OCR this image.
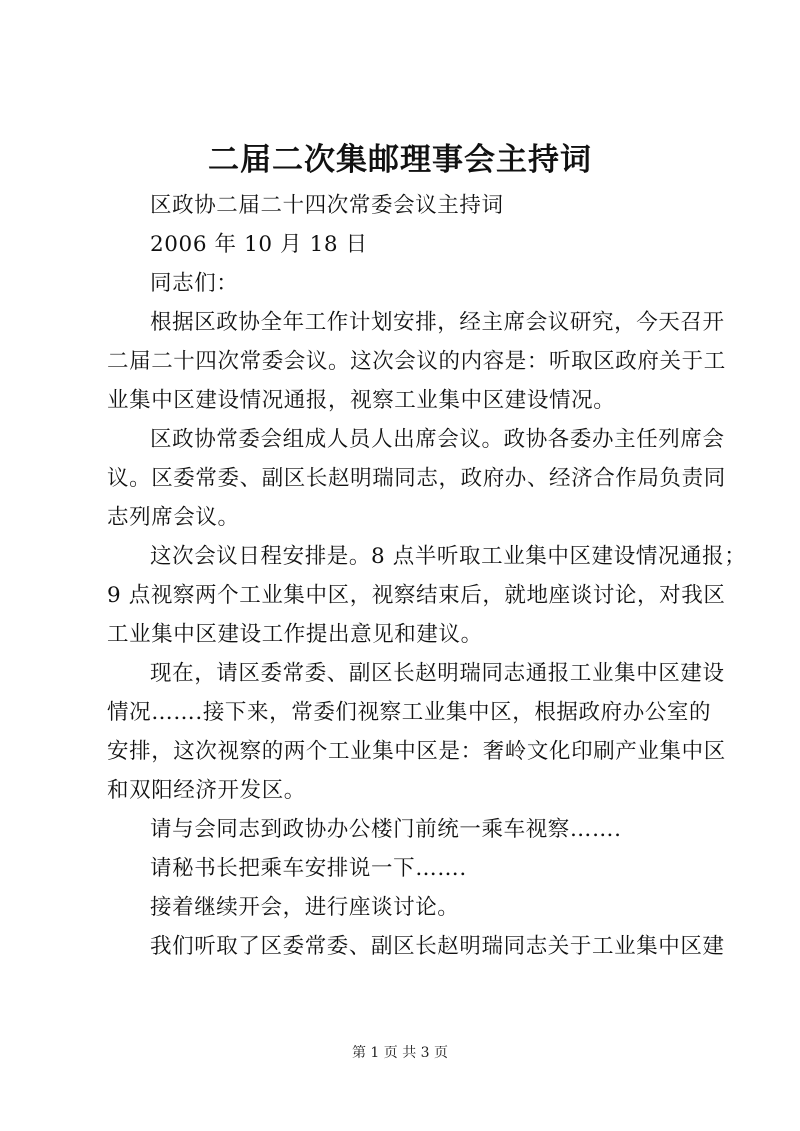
二届二次集邮理事会主持词
区政协二届二十四次常委会议主持词
2006 年 10 月 18 日
同志们：
根据区政协全年工作计划安排，经主席会议研究，今天召开
二届二十四次常委会议。这次会议的内容是：听取区政府关于工
业集中区建设情况通报，视察工业集中区建设情况。
区政协常委会组成人员人出席会议。政协各委办主任列席会
议。区委常委、副区长赵明瑞同志，政府办、经济合作局负责同
志列席会议。
这次会议日程安排是。8 点半听取工业集中区建设情况通报；
9 点视察两个工业集中区，视察结束后，就地座谈讨论，对我区
工业集中区建设工作提出意见和建议。
现在，请区委常委、副区长赵明瑞同志通报工业集中区建设
情况…….接下来，常委们视察工业集中区，根据政府办公室的
安排，这次视察的两个工业集中区是：奢岭文化印刷产业集中区
和双阳经济开发区。
请与会同志到政协办公楼门前统一乘车视察…….
请秘书长把乘车安排说一下…….
接着继续开会，进行座谈讨论。
我们听取了区委常委、副区长赵明瑞同志关于工业集中区建
第 1 页 共 3 页
